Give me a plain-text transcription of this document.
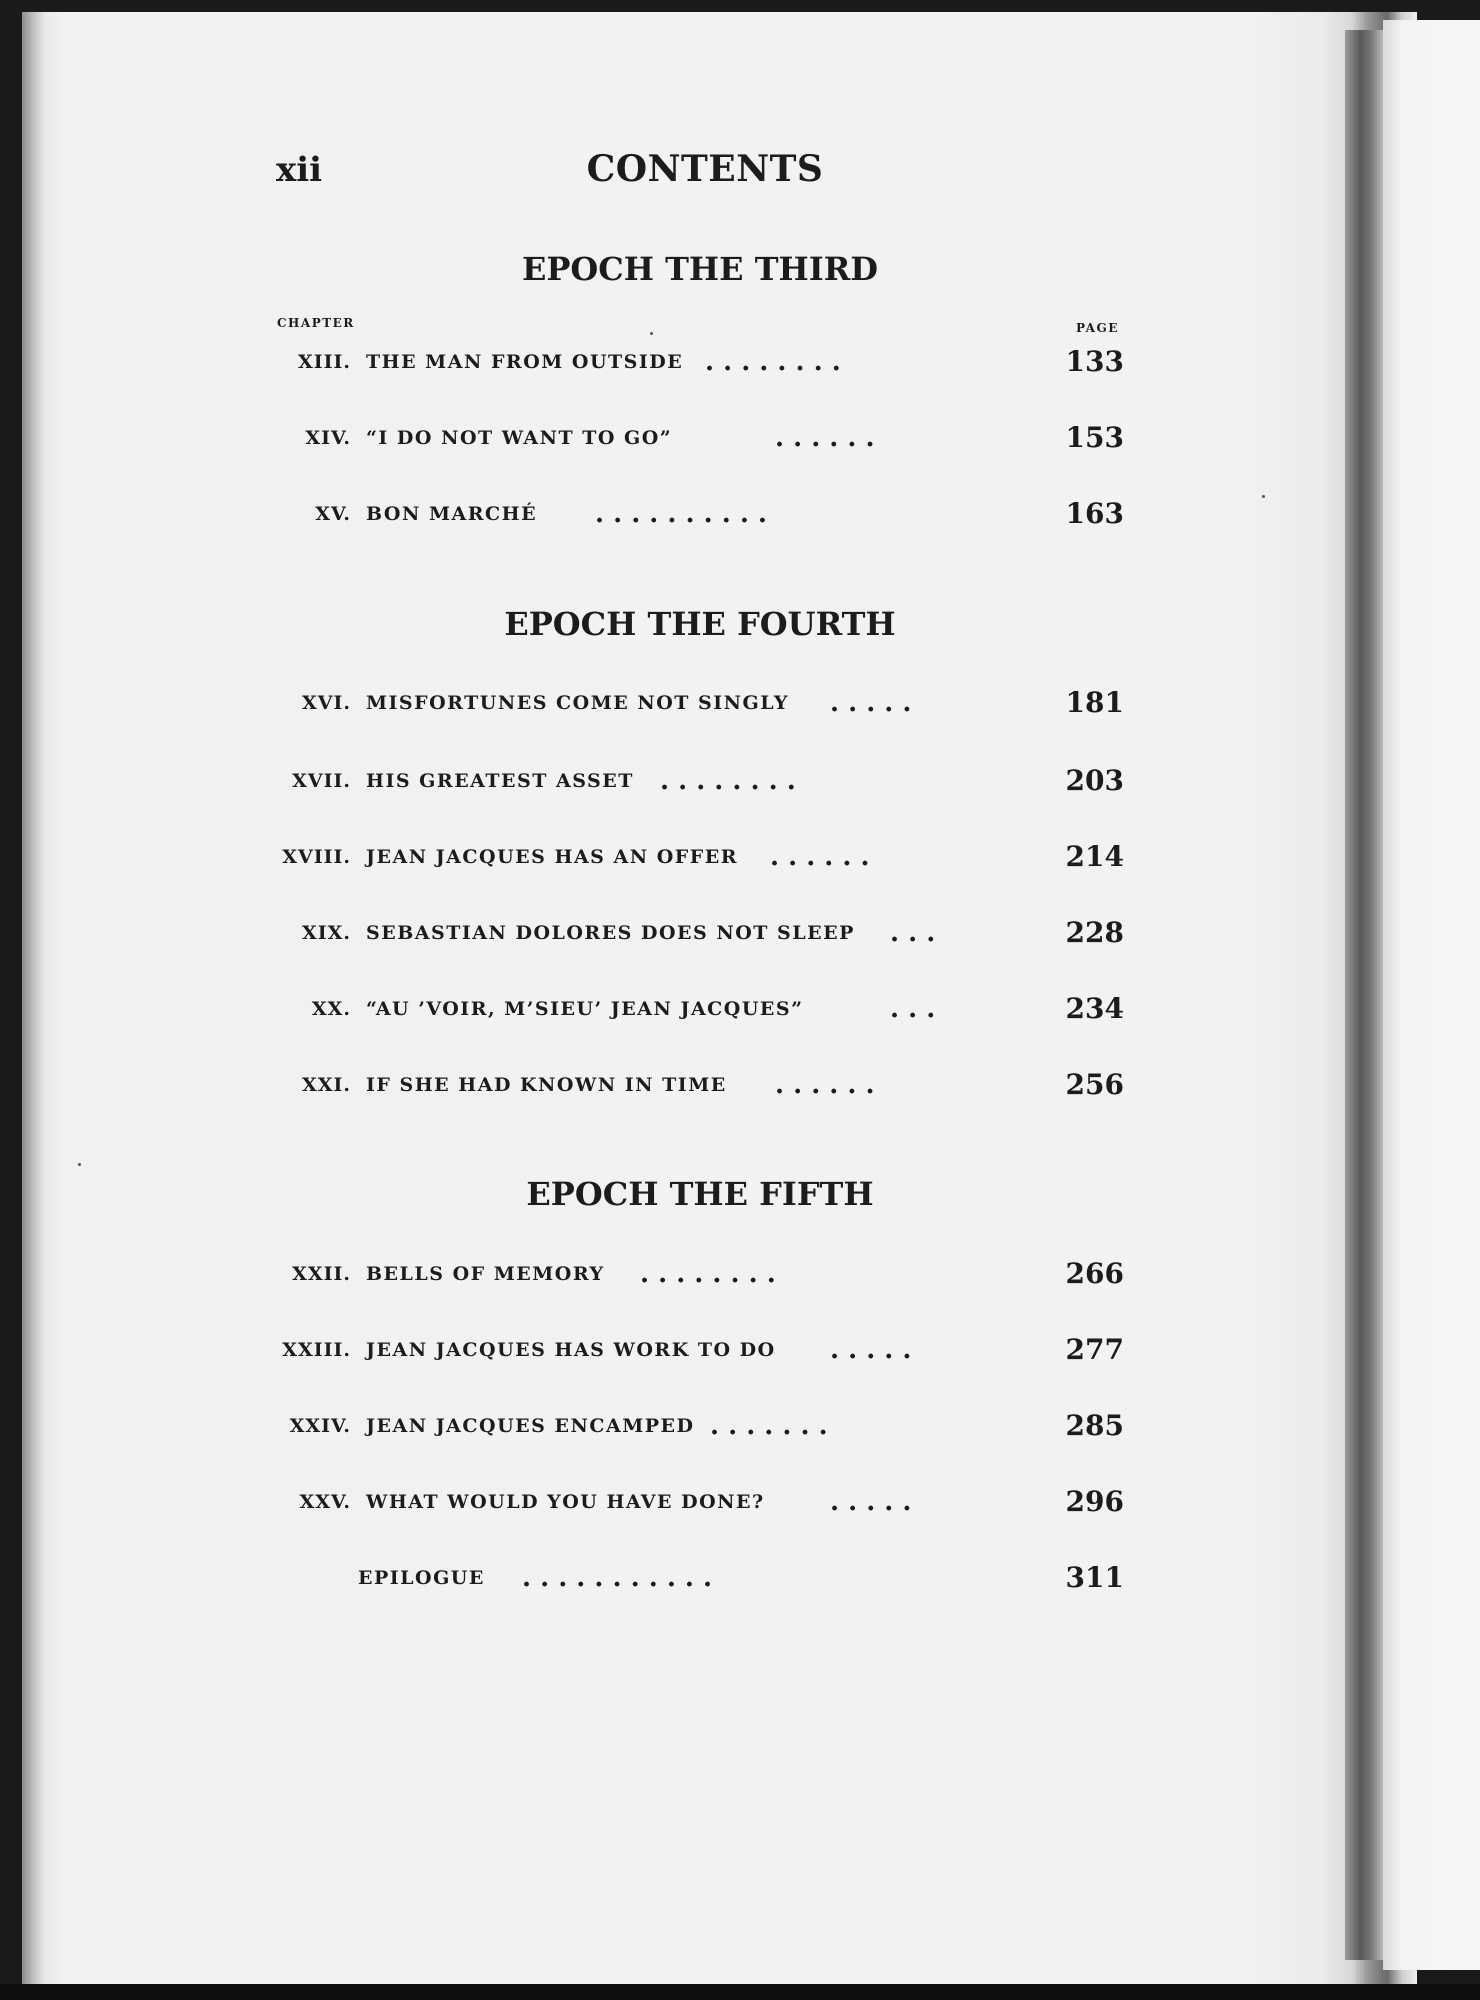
xii	CONTENTS
EPOCH THE THIRD
CHAPTER	PAGE
XIII. THE MAN FROM OUTSIDE . . . . . . . .	133
XIV. “I DO NOT WANT TO GO”	. . . . . .	153
XV. BON MARCHÉ . . . . . . . . . .	163
EPOCH THE FOURTH
XVI. MISFORTUNES COME NOT SINGLY . . . . .	181
XVII. HIS GREATEST ASSET . . . . . . . .	203
XVIII. JEAN JACQUES HAS AN OFFER . . . . . .	214
XIX. SEBASTIAN DOLORES DOES NOT SLEEP . . .	228
XX. “AU ’VOIR, M’SIEU’ JEAN JACQUES”	. . .	234
XXI. IF SHE HAD KNOWN IN TIME . . . . . .	256
EPOCH THE FIFTH
XXII. BELLS OF MEMORY . . . . . . . .	266
XXIII. JEAN JACQUES HAS WORK TO DO . . . . .	277
XXIV. JEAN JACQUES ENCAMPED . . . . . . .	285
XXV. WHAT WOULD YOU HAVE DONE?	. . . . .	296
EPILOGUE . . . . . . . . . . .	311
